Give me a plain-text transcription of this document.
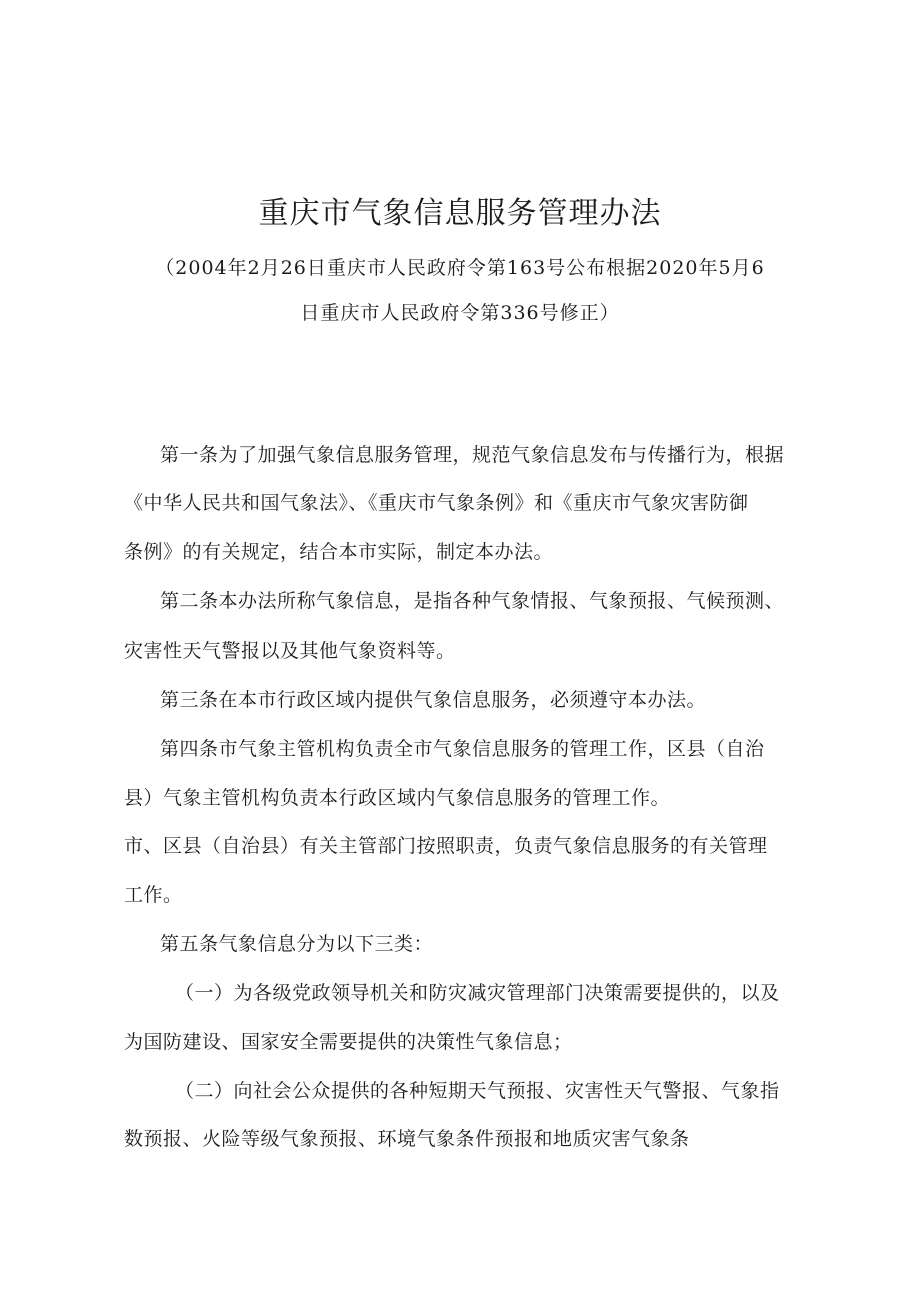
重庆市气象信息服务管理办法
（2004年2月26日重庆市人民政府令第163号公布根据2020年5月6
日重庆市人民政府令第336号修正）
第一条为了加强气象信息服务管理，规范气象信息发布与传播行为，根据
《中华人民共和国气象法》、《重庆市气象条例》和《重庆市气象灾害防御
条例》的有关规定，结合本市实际，制定本办法。
第二条本办法所称气象信息，是指各种气象情报、气象预报、气候预测、
灾害性天气警报以及其他气象资料等。
第三条在本市行政区域内提供气象信息服务，必须遵守本办法。
第四条市气象主管机构负责全市气象信息服务的管理工作，区县（自治
县）气象主管机构负责本行政区域内气象信息服务的管理工作。
市、区县（自治县）有关主管部门按照职责，负责气象信息服务的有关管理
工作。
第五条气象信息分为以下三类：
（一）为各级党政领导机关和防灾减灾管理部门决策需要提供的，以及
为国防建设、国家安全需要提供的决策性气象信息；
（二）向社会公众提供的各种短期天气预报、灾害性天气警报、气象指
数预报、火险等级气象预报、环境气象条件预报和地质灾害气象条
